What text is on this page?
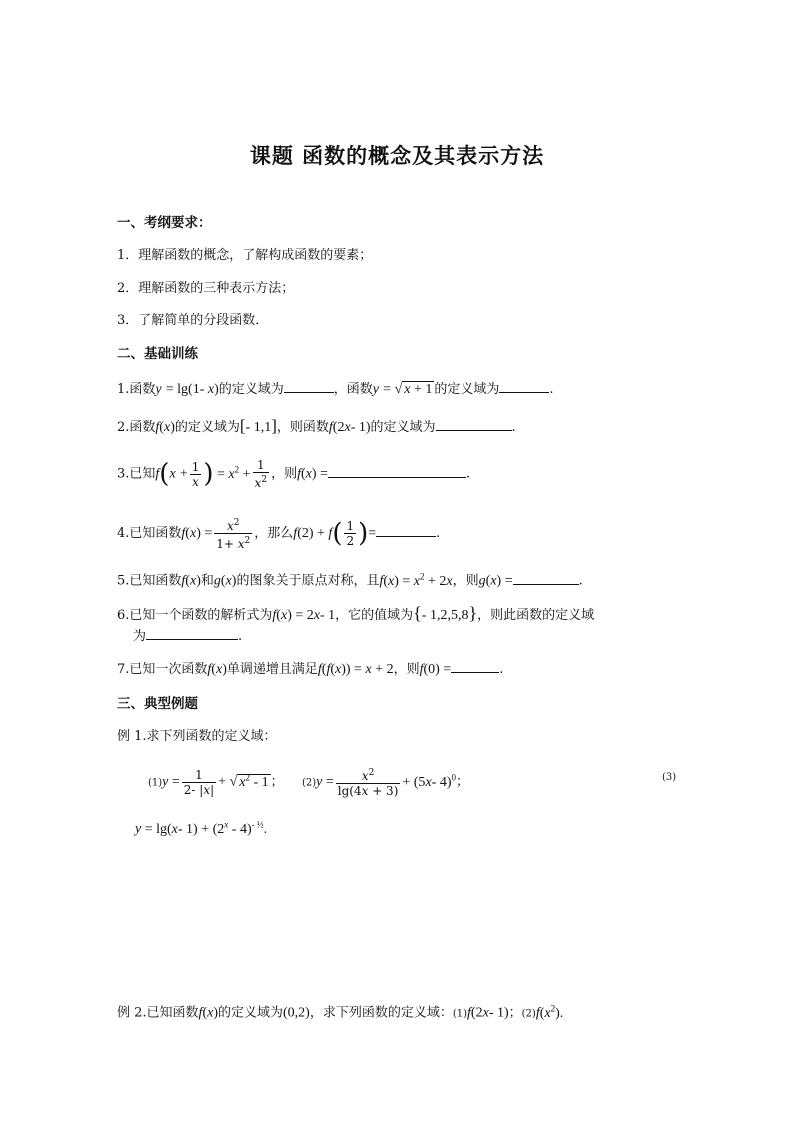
课题 函数的概念及其表示方法
一、考纲要求：
1．理解函数的概念，了解构成函数的要素；
2．理解函数的三种表示方法；
3．了解简单的分段函数．
二、基础训练
1.函数y = lg(1- x)的定义域为	，函数y = √ x + 1 的定义域为	.
2.函数f(x)的定义域为[- 1,1]，则函数f(2x- 1)的定义域为	.
3.已知$f(x + \frac{1}{x}$ ) = $x^2 + \frac{1}{x^2}$ ，则f(x) =	.
4.已知函数$f(x) = \frac{x^2}{1+ x^2}$ ，那么$f(2) + f( \frac{1}{2}$ )=	.
5.已知函数f(x)和g(x)的图象关于原点对称，且$f(x) = x^2 + 2x$，则g(x) =	.
6.已知一个函数的解析式为f(x) = 2x- 1，它的值域为{- 1,2,5,8}，则此函数的定义域
为	.
7.已知一次函数f(x)单调递增且满足f(f(x)) = x + 2，则f(0) =	.
三、典型例题
例 1.求下列函数的定义域：
$(1)y = \frac{1}{2- |x|}$ + √ $x^2 - 1$ ； $(2)y = \frac{x^2}{\lg(4x + 3)} + (5x-$ 4)$^0$；	(3)
y = lg(x- $1) + (2^x - 4)^{- \frac{1}{2}}$.
例 2.已知函数f(x)的定义域为(0,2)，求下列函数的定义域：(1)f(2x- 1)；$(2)f(x^2)$.
